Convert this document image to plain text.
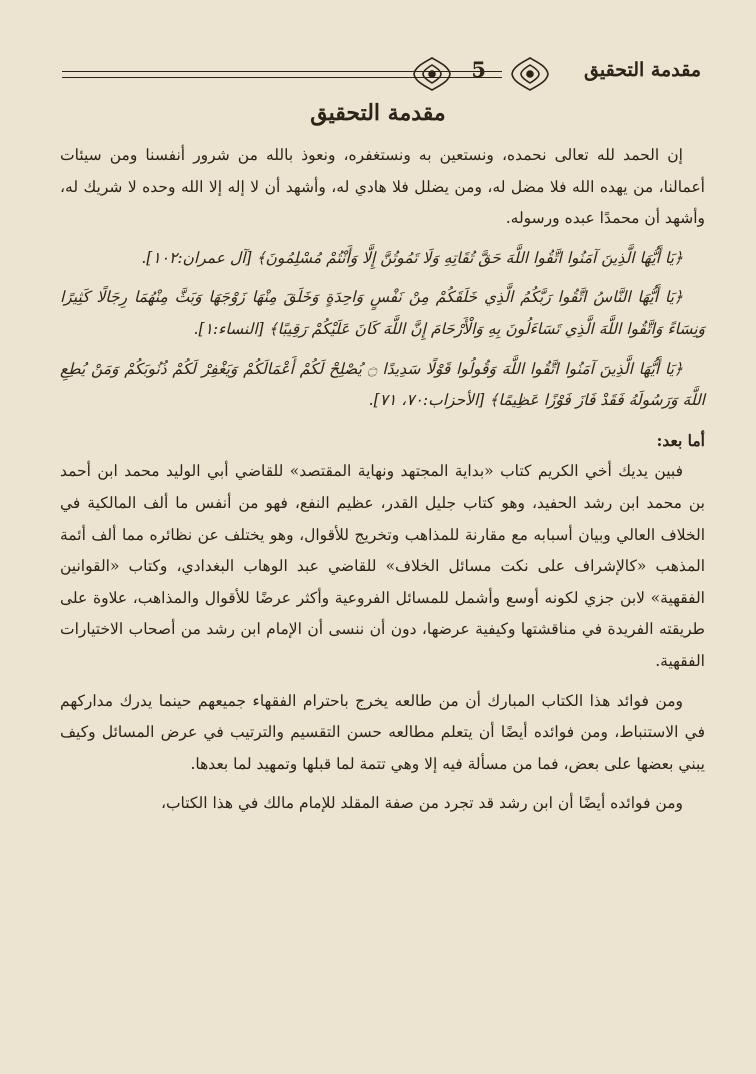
مقدمة التحقيق
5
مقدمة التحقيق

إن الحمد لله تعالى نحمده، ونستعين به ونستغفره، ونعوذ بالله من شرور أنفسنا ومن سيئات أعمالنا، من يهده الله فلا مضل له، ومن يضلل فلا هادي له، وأشهد أن لا إله إلا الله وحده لا شريك له، وأشهد أن محمدًا عبده ورسوله.

﴿يَا أَيُّهَا الَّذِينَ آمَنُوا اتَّقُوا اللَّهَ حَقَّ تُقَاتِهِ وَلَا تَمُوتُنَّ إِلَّا وَأَنْتُمْ مُسْلِمُونَ﴾ [آل عمران:١٠٢].

﴿يَا أَيُّهَا النَّاسُ اتَّقُوا رَبَّكُمُ الَّذِي خَلَقَكُمْ مِنْ نَفْسٍ وَاحِدَةٍ وَخَلَقَ مِنْهَا زَوْجَهَا وَبَثَّ مِنْهُمَا رِجَالًا كَثِيرًا وَنِسَاءً وَاتَّقُوا اللَّهَ الَّذِي تَسَاءَلُونَ بِهِ وَالْأَرْحَامَ إِنَّ اللَّهَ كَانَ عَلَيْكُمْ رَقِيبًا﴾ [النساء:١].

﴿يَا أَيُّهَا الَّذِينَ آمَنُوا اتَّقُوا اللَّهَ وَقُولُوا قَوْلًا سَدِيدًا ۝ يُصْلِحْ لَكُمْ أَعْمَالَكُمْ وَيَغْفِرْ لَكُمْ ذُنُوبَكُمْ وَمَنْ يُطِعِ اللَّهَ وَرَسُولَهُ فَقَدْ فَازَ فَوْزًا عَظِيمًا﴾ [الأحزاب:٧٠، ٧١].

أما بعد:

فبين يديك أخي الكريم كتاب «بداية المجتهد ونهاية المقتصد» للقاضي أبي الوليد محمد ابن أحمد بن محمد ابن رشد الحفيد، وهو كتاب جليل القدر، عظيم النفع، فهو من أنفس ما ألف المالكية في الخلاف العالي وبيان أسبابه مع مقارنة للمذاهب وتخريج للأقوال، وهو يختلف عن نظائره مما ألف أئمة المذهب «كالإشراف على نكت مسائل الخلاف» للقاضي عبد الوهاب البغدادي، وكتاب «القوانين الفقهية» لابن جزي لكونه أوسع وأشمل للمسائل الفروعية وأكثر عرضًا للأقوال والمذاهب، علاوة على طريقته الفريدة في مناقشتها وكيفية عرضها، دون أن ننسى أن الإمام ابن رشد من أصحاب الاختيارات الفقهية.

ومن فوائد هذا الكتاب المبارك أن من طالعه يخرج باحترام الفقهاء جميعهم حينما يدرك مداركهم في الاستنباط، ومن فوائده أيضًا أن يتعلم مطالعه حسن التقسيم والترتيب في عرض المسائل وكيف يبني بعضها على بعض، فما من مسألة فيه إلا وهي تتمة لما قبلها وتمهيد لما بعدها.

ومن فوائده أيضًا أن ابن رشد قد تجرد من صفة المقلد للإمام مالك في هذا الكتاب،
